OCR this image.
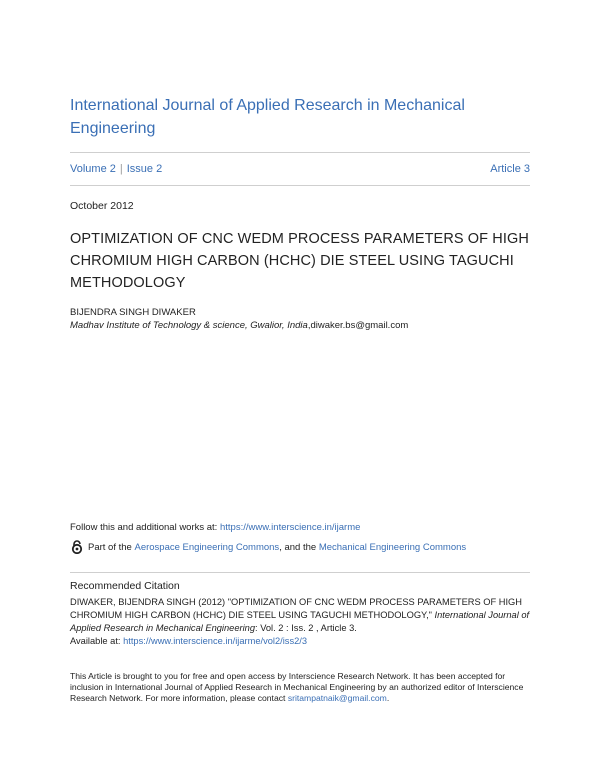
International Journal of Applied Research in Mechanical Engineering
Volume 2 | Issue 2	Article 3
October 2012
OPTIMIZATION OF CNC WEDM PROCESS PARAMETERS OF HIGH CHROMIUM HIGH CARBON (HCHC) DIE STEEL USING TAGUCHI METHODOLOGY
BIJENDRA SINGH DIWAKER
Madhav Institute of Technology & science, Gwalior, India,diwaker.bs@gmail.com
Follow this and additional works at: https://www.interscience.in/ijarme
Part of the
Aerospace Engineering Commons , and the
Mechanical Engineering Commons
Recommended Citation
DIWAKER, BIJENDRA SINGH (2012) "OPTIMIZATION OF CNC WEDM PROCESS PARAMETERS OF HIGH CHROMIUM HIGH CARBON (HCHC) DIE STEEL USING TAGUCHI METHODOLOGY," International Journal of Applied Research in Mechanical Engineering: Vol. 2 : Iss. 2 , Article 3.
Available at: https://www.interscience.in/ijarme/vol2/iss2/3
This Article is brought to you for free and open access by Interscience Research Network. It has been accepted for inclusion in International Journal of Applied Research in Mechanical Engineering by an authorized editor of Interscience Research Network. For more information, please contact sritampatnaik@gmail.com.
